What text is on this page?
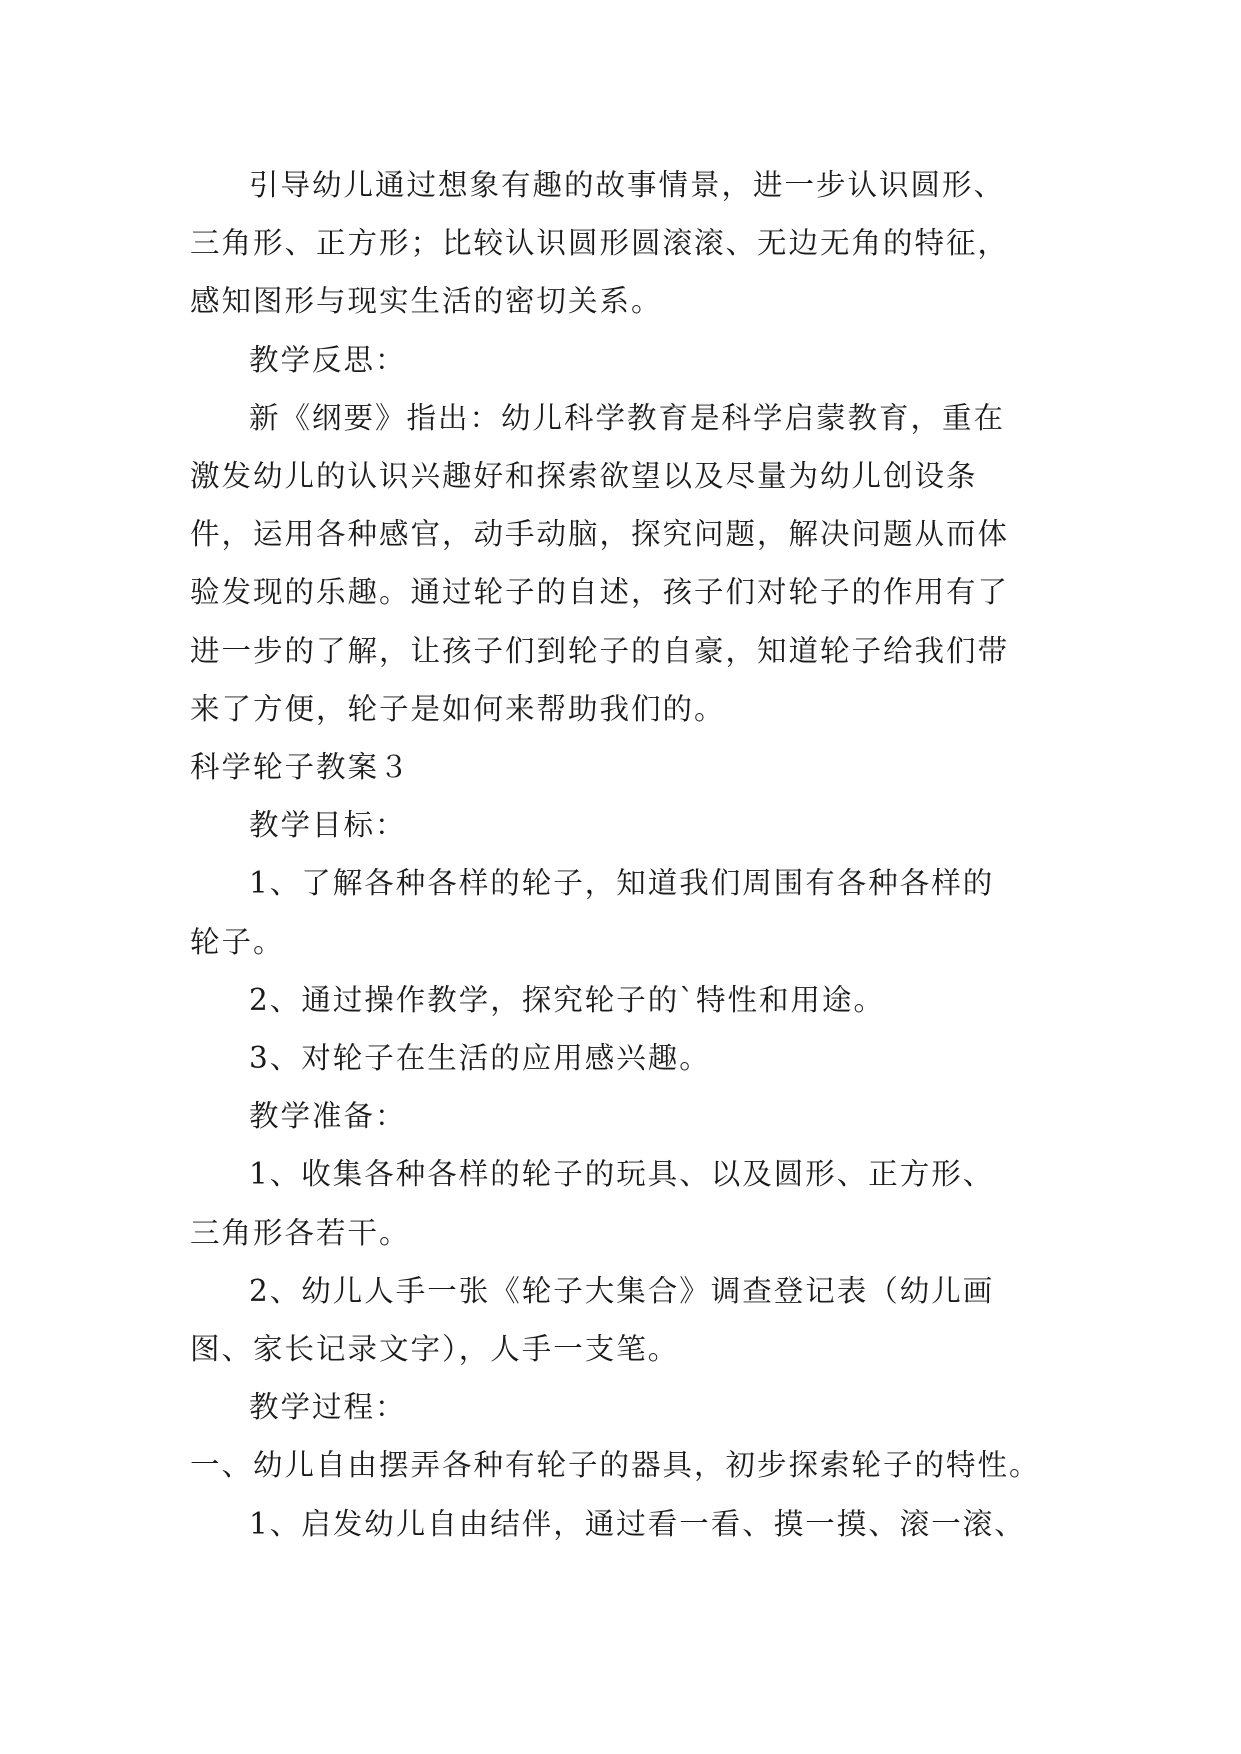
引导幼儿通过想象有趣的故事情景，进一步认识圆形、
三角形、正方形；比较认识圆形圆滚滚、无边无角的特征，
感知图形与现实生活的密切关系。
教学反思：
新《纲要》指出：幼儿科学教育是科学启蒙教育，重在
激发幼儿的认识兴趣好和探索欲望以及尽量为幼儿创设条
件，运用各种感官，动手动脑，探究问题，解决问题从而体
验发现的乐趣。通过轮子的自述，孩子们对轮子的作用有了
进一步的了解，让孩子们到轮子的自豪，知道轮子给我们带
来了方便，轮子是如何来帮助我们的。
科学轮子教案３
教学目标：
1、了解各种各样的轮子，知道我们周围有各种各样的
轮子。
2、通过操作教学，探究轮子的`特性和用途。
3、对轮子在生活的应用感兴趣。
教学准备：
1、收集各种各样的轮子的玩具、以及圆形、正方形、
三角形各若干。
2、幼儿人手一张《轮子大集合》调查登记表（幼儿画
图、家长记录文字），人手一支笔。
教学过程：
一、幼儿自由摆弄各种有轮子的器具，初步探索轮子的特性。
1、启发幼儿自由结伴，通过看一看、摸一摸、滚一滚、
